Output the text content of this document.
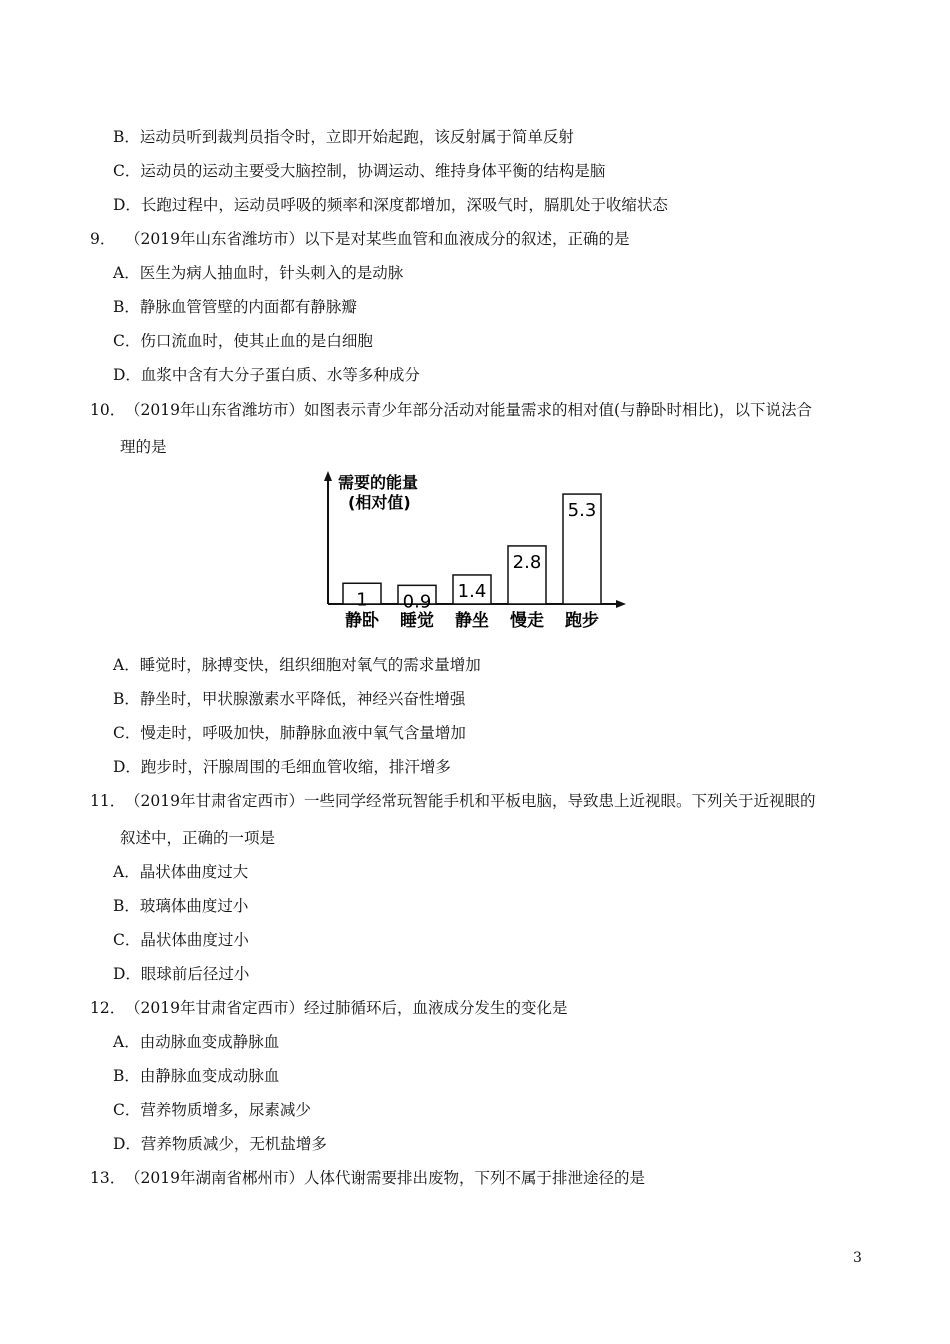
B．运动员听到裁判员指令时，立即开始起跑，该反射属于简单反射
C．运动员的运动主要受大脑控制，协调运动、维持身体平衡的结构是脑
D．长跑过程中，运动员呼吸的频率和深度都增加，深吸气时，膈肌处于收缩状态
9． （2019年山东省潍坊市）以下是对某些血管和血液成分的叙述，正确的是
A．医生为病人抽血时，针头刺入的是动脉
B．静脉血管管壁的内面都有静脉瓣
C．伤口流血时，使其止血的是白细胞
D．血浆中含有大分子蛋白质、水等多种成分
10． （2019年山东省潍坊市）如图表示青少年部分活动对能量需求的相对值(与静卧时相比)，以下说法合
理的是
需要的能量
(相对值)
1
静卧
0.9
睡觉
1.4
静坐
2.8
慢走
5.3
跑步
A．睡觉时，脉搏变快，组织细胞对氧气的需求量增加
B．静坐时，甲状腺激素水平降低，神经兴奋性增强
C．慢走时，呼吸加快，肺静脉血液中氧气含量增加
D．跑步时，汗腺周围的毛细血管收缩，排汗增多
11． （2019年甘肃省定西市）一些同学经常玩智能手机和平板电脑，导致患上近视眼。下列关于近视眼的
叙述中，正确的一项是
A．晶状体曲度过大
B．玻璃体曲度过小
C．晶状体曲度过小
D．眼球前后径过小
12． （2019年甘肃省定西市）经过肺循环后，血液成分发生的变化是
A．由动脉血变成静脉血
B．由静脉血变成动脉血
C．营养物质增多，尿素减少
D．营养物质减少，无机盐增多
13． （2019年湖南省郴州市）人体代谢需要排出废物，下列不属于排泄途径的是
3
